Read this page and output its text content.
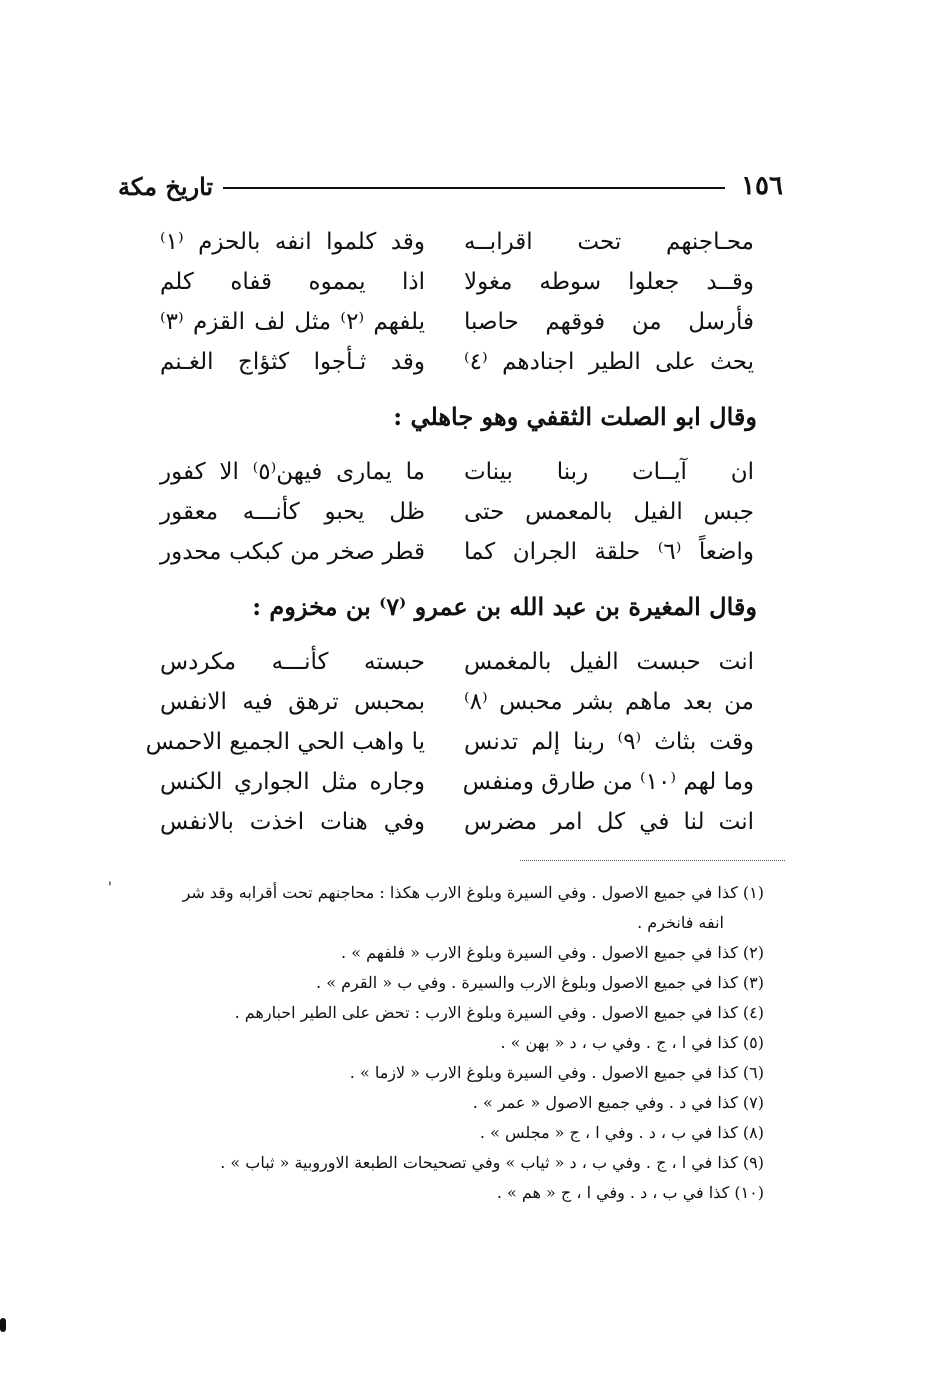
١٥٦
تاريخ مكة
محـاجنهم تحت اقرابــه
وقد كلموا انفه بالحزم ⁽١⁾
وقــد جعلوا سوطه مغولا
اذا يمموه قفاه كلم
فأرسل من فوقهم حاصبا
يلفهم ⁽٢⁾ مثل لف القزم ⁽٣⁾
يحث على الطير اجنادهم ⁽٤⁾
وقد ثـأجوا كثؤاج الغـنم
وقال ابو الصلت الثقفي وهو جاهلي :
ان آيــات ربنا بينات
ما يمارى فيهن⁽٥⁾ الا كفور
جبس الفيل بالمعمس حتى
ظل يحبو كأنـــه معقور
واضعاً ⁽٦⁾ حلقة الجران كما
قطر صخر من كبكب محدور
وقال المغيرة بن عبد الله بن عمرو ⁽٧⁾ بن مخزوم :
انت حبست الفيل بالمغمس
حبسته كأنـــه مكردس
من بعد ماهم بشر محبس ⁽٨⁾
بمحبس ترهق فيه الانفس
وقت بثاث ⁽٩⁾ ربنا إلم تدنس
يا واهب الحي الجميع الاحمس
وما لهم ⁽١٠⁾ من طارق ومنفس
وجاره مثل الجواري الكنس
انت لنا في كل امر مضرس
وفي هنات اخذت بالانفس
'	(١) كذا في جميع الاصول . وفي السيرة وبلوغ الارب هكذا : محاجنهم تحت أقرابه وقد شر
انفه فانخرم .
(٢) كذا في جميع الاصول . وفي السيرة وبلوغ الارب « فلفهم » .
(٣) كذا في جميع الاصول وبلوغ الارب والسيرة . وفي ب « القرم » .
(٤) كذا في جميع الاصول . وفي السيرة وبلوغ الارب : تحض على الطير احبارهم .
(٥) كذا في ا ، ج . وفي ب ، د « بهن » .
(٦) كذا في جميع الاصول . وفي السيرة وبلوغ الارب « لازما » .
(٧) كذا في د . وفي جميع الاصول « عمر » .
(٨) كذا في ب ، د . وفي ا ، ج « مجلس » .
(٩) كذا في ا ، ج . وفي ب ، د « ثياب » وفي تصحيحات الطبعة الاوروبية « ثباب » .
(١٠) كذا في ب ، د . وفي ا ، ج « هم » .
